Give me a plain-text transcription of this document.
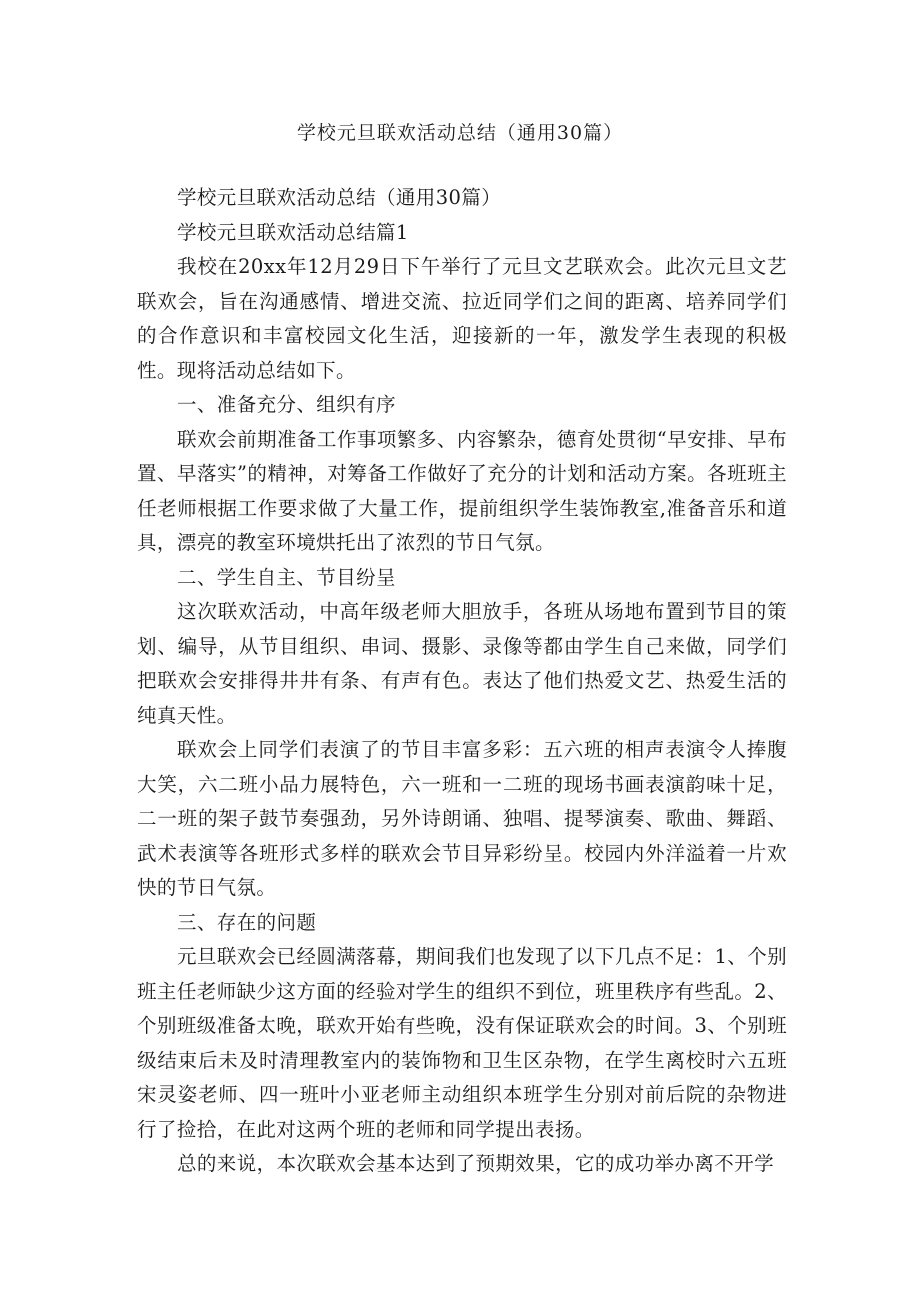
学校元旦联欢活动总结（通用30篇）

学校元旦联欢活动总结（通用30篇）

学校元旦联欢活动总结篇1

我校在20xx年12月29日下午举行了元旦文艺联欢会。此次元旦文艺联欢会，旨在沟通感情、增进交流、拉近同学们之间的距离、培养同学们的合作意识和丰富校园文化生活，迎接新的一年，激发学生表现的积极性。现将活动总结如下。

一、准备充分、组织有序

联欢会前期准备工作事项繁多、内容繁杂，德育处贯彻“早安排、早布置、早落实”的精神，对筹备工作做好了充分的计划和活动方案。各班班主任老师根据工作要求做了大量工作，提前组织学生装饰教室,准备音乐和道具，漂亮的教室环境烘托出了浓烈的节日气氛。

二、学生自主、节目纷呈

这次联欢活动，中高年级老师大胆放手，各班从场地布置到节目的策划、编导，从节目组织、串词、摄影、录像等都由学生自己来做，同学们把联欢会安排得井井有条、有声有色。表达了他们热爱文艺、热爱生活的纯真天性。

联欢会上同学们表演了的节目丰富多彩：五六班的相声表演令人捧腹大笑，六二班小品力展特色，六一班和一二班的现场书画表演韵味十足，二一班的架子鼓节奏强劲，另外诗朗诵、独唱、提琴演奏、歌曲、舞蹈、武术表演等各班形式多样的联欢会节目异彩纷呈。校园内外洋溢着一片欢快的节日气氛。

三、存在的问题

元旦联欢会已经圆满落幕，期间我们也发现了以下几点不足：1、个别班主任老师缺少这方面的经验对学生的组织不到位，班里秩序有些乱。2、个别班级准备太晚，联欢开始有些晚，没有保证联欢会的时间。3、个别班级结束后未及时清理教室内的装饰物和卫生区杂物，在学生离校时六五班宋灵姿老师、四一班叶小亚老师主动组织本班学生分别对前后院的杂物进行了捡拾，在此对这两个班的老师和同学提出表扬。

总的来说，本次联欢会基本达到了预期效果，它的成功举办离不开学
